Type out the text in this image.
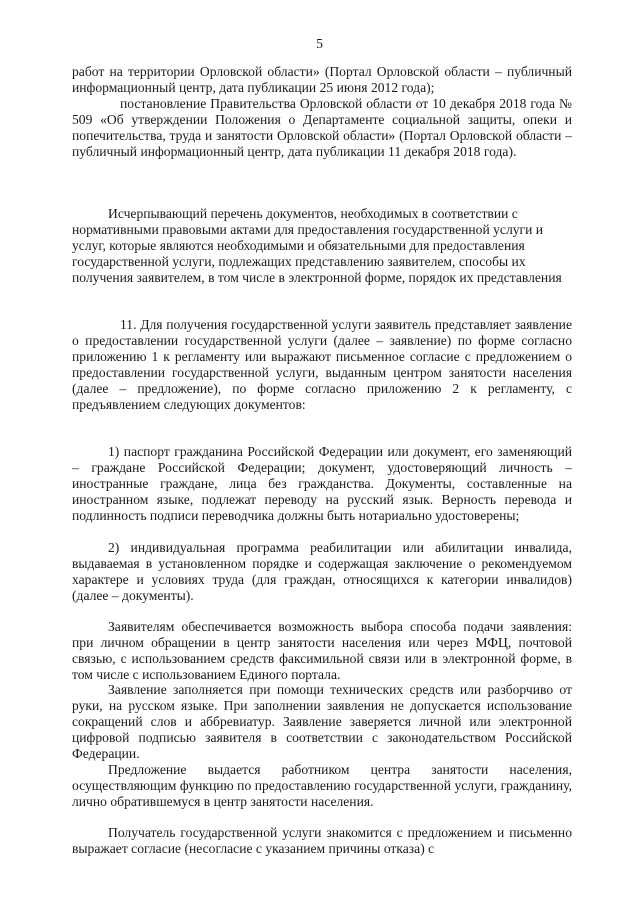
5

работ на территории Орловской области» (Портал Орловской области – публичный информационный центр, дата публикации 25 июня 2012 года);

постановление Правительства Орловской области от 10 декабря 2018 года № 509 «Об утверждении Положения о Департаменте социальной защиты, опеки и попечительства, труда и занятости Орловской области» (Портал Орловской области – публичный информационный центр, дата публикации 11 декабря 2018 года).

Исчерпывающий перечень документов, необходимых в соответствии с нормативными правовыми актами для предоставления государственной услуги и услуг, которые являются необходимыми и обязательными для предоставления государственной услуги, подлежащих представлению заявителем, способы их получения заявителем, в том числе в электронной форме, порядок их представления

11. Для получения государственной услуги заявитель представляет заявление о предоставлении государственной услуги (далее – заявление) по форме согласно приложению 1 к регламенту или выражают письменное согласие с предложением о предоставлении государственной услуги, выданным центром занятости населения (далее – предложение), по форме согласно приложению 2 к регламенту, с предъявлением следующих документов:

1) паспорт гражданина Российской Федерации или документ, его заменяющий – граждане Российской Федерации; документ, удостоверяющий личность – иностранные граждане, лица без гражданства. Документы, составленные на иностранном языке, подлежат переводу на русский язык. Верность перевода и подлинность подписи переводчика должны быть нотариально удостоверены;

2) индивидуальная программа реабилитации или абилитации инвалида, выдаваемая в установленном порядке и содержащая заключение о рекомендуемом характере и условиях труда (для граждан, относящихся к категории инвалидов) (далее – документы).

Заявителям обеспечивается возможность выбора способа подачи заявления: при личном обращении в центр занятости населения или через МФЦ, почтовой связью, с использованием средств факсимильной связи или в электронной форме, в том числе с использованием Единого портала.

Заявление заполняется при помощи технических средств или разборчиво от руки, на русском языке. При заполнении заявления не допускается использование сокращений слов и аббревиатур. Заявление заверяется личной или электронной цифровой подписью заявителя в соответствии с законодательством Российской Федерации.

Предложение выдается работником центра занятости населения, осуществляющим функцию по предоставлению государственной услуги, гражданину, лично обратившемуся в центр занятости населения.

Получатель государственной услуги знакомится с предложением и письменно выражает согласие (несогласие с указанием причины отказа) с
